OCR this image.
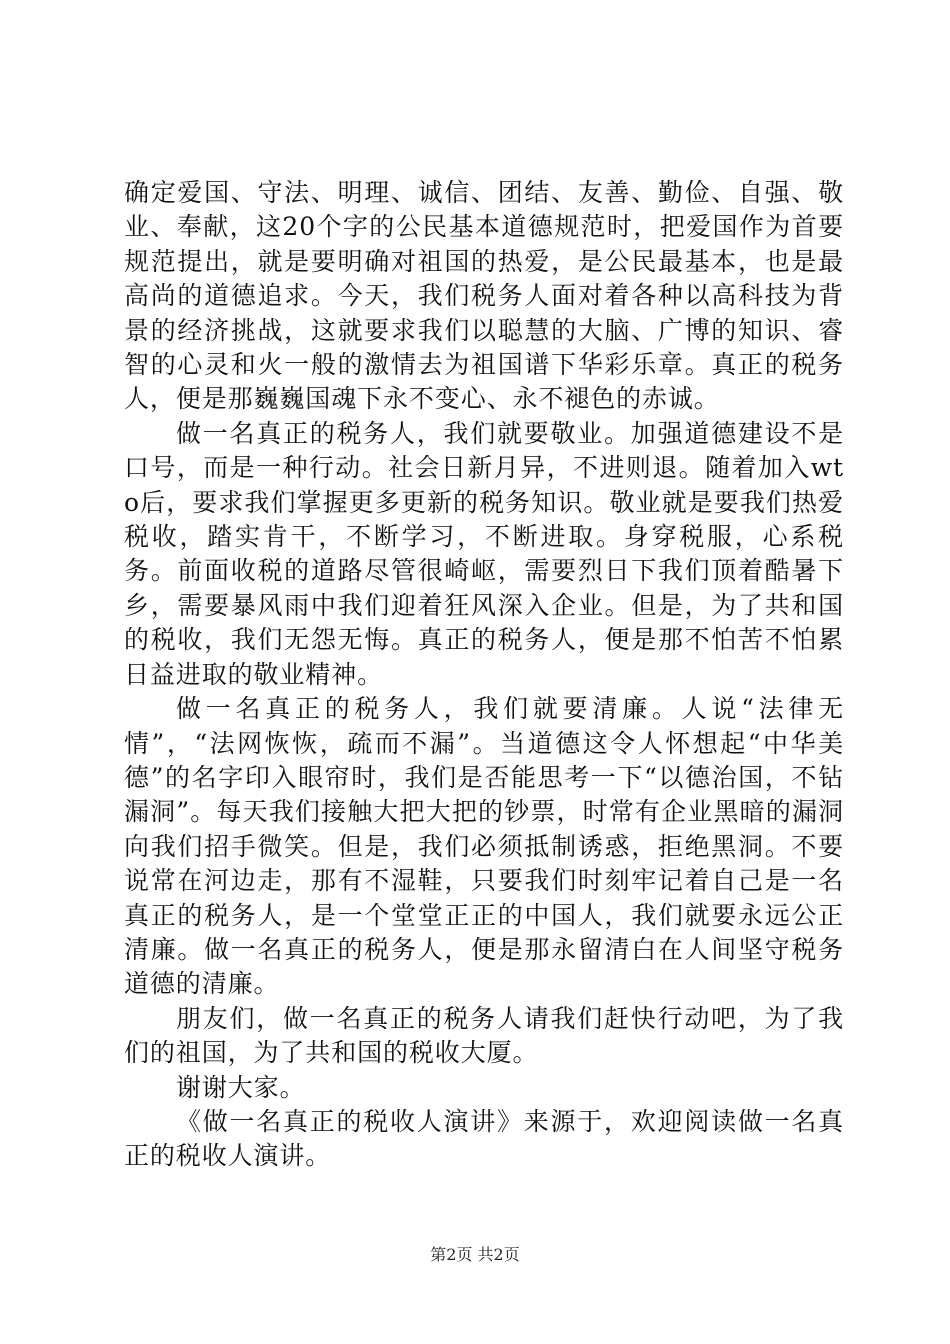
确定爱国、守法、明理、诚信、团结、友善、勤俭、自强、敬业、奉献，这20个字的公民基本道德规范时，把爱国作为首要规范提出，就是要明确对祖国的热爱，是公民最基本，也是最高尚的道德追求。今天，我们税务人面对着各种以高科技为背景的经济挑战，这就要求我们以聪慧的大脑、广博的知识、睿智的心灵和火一般的激情去为祖国谱下华彩乐章。真正的税务人，便是那巍巍国魂下永不变心、永不褪色的赤诚。

做一名真正的税务人，我们就要敬业。加强道德建设不是口号，而是一种行动。社会日新月异，不进则退。随着加入wto后，要求我们掌握更多更新的税务知识。敬业就是要我们热爱税收，踏实肯干，不断学习，不断进取。身穿税服，心系税务。前面收税的道路尽管很崎岖，需要烈日下我们顶着酷暑下乡，需要暴风雨中我们迎着狂风深入企业。但是，为了共和国的税收，我们无怨无悔。真正的税务人，便是那不怕苦不怕累日益进取的敬业精神。

做一名真正的税务人，我们就要清廉。人说“法律无情”，“法网恢恢，疏而不漏”。当道德这令人怀想起“中华美德”的名字印入眼帘时，我们是否能思考一下“以德治国，不钻漏洞”。每天我们接触大把大把的钞票，时常有企业黑暗的漏洞向我们招手微笑。但是，我们必须抵制诱惑，拒绝黑洞。不要说常在河边走，那有不湿鞋，只要我们时刻牢记着自己是一名真正的税务人，是一个堂堂正正的中国人，我们就要永远公正清廉。做一名真正的税务人，便是那永留清白在人间坚守税务道德的清廉。

朋友们，做一名真正的税务人请我们赶快行动吧，为了我们的祖国，为了共和国的税收大厦。

谢谢大家。

《做一名真正的税收人演讲》来源于，欢迎阅读做一名真正的税收人演讲。

第2页 共2页
